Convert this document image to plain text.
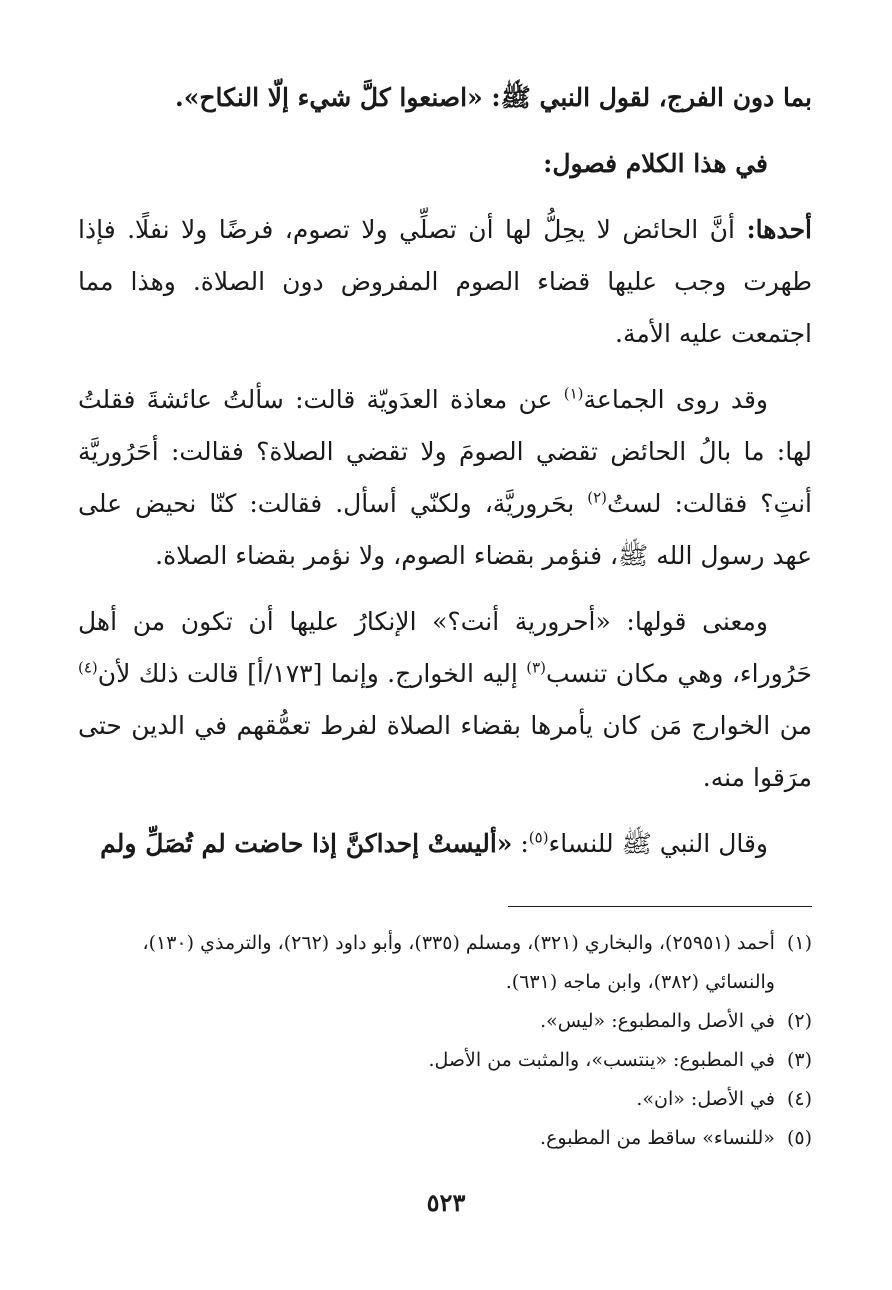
بما دون الفرج، لقول النبي ﷺ: «اصنعوا كلَّ شيء إلّا النكاح».

في هذا الكلام فصول:

أحدها: أنَّ الحائض لا يحِلُّ لها أن تصلِّي ولا تصوم، فرضًا ولا نفلًا. فإذا طهرت وجب عليها قضاء الصوم المفروض دون الصلاة. وهذا مما اجتمعت عليه الأمة.

وقد روى الجماعة$^{(١)}$ عن معاذة العدَويّة قالت: سألتُ عائشةَ فقلتُ لها: ما بالُ الحائض تقضي الصومَ ولا تقضي الصلاة؟ فقالت: أحَرُوريَّة أنتِ؟ فقالت: لستُ$^{(٢)}$ بحَروريَّة، ولكنّي أسأل. فقالت: كنّا نحيض على عهد رسول الله ﷺ، فنؤمر بقضاء الصوم، ولا نؤمر بقضاء الصلاة.

ومعنى قولها: «أحرورية أنت؟» الإنكارُ عليها أن تكون من أهل حَرُوراء، وهي مكان تنسب$^{(٣)}$ إليه الخوارج. وإنما [١٧٣/أ] قالت ذلك لأن$^{(٤)}$ من الخوارج مَن كان يأمرها بقضاء الصلاة لفرط تعمُّقهم في الدين حتى مرَقوا منه.

وقال النبي ﷺ للنساء$^{(٥)}$: «أليستْ إحداكنَّ إذا حاضت لم تُصَلِّ ولم

(١)
أحمد (٢٥٩٥١)، والبخاري (٣٢١)، ومسلم (٣٣٥)، وأبو داود (٢٦٢)، والترمذي (١٣٠)، والنسائي (٣٨٢)، وابن ماجه (٦٣١).
(٢)
في الأصل والمطبوع: «ليس».
(٣)
في المطبوع: «ينتسب»، والمثبت من الأصل.
(٤)
في الأصل: «ان».
(٥)
«للنساء» ساقط من المطبوع.
٥٢٣
